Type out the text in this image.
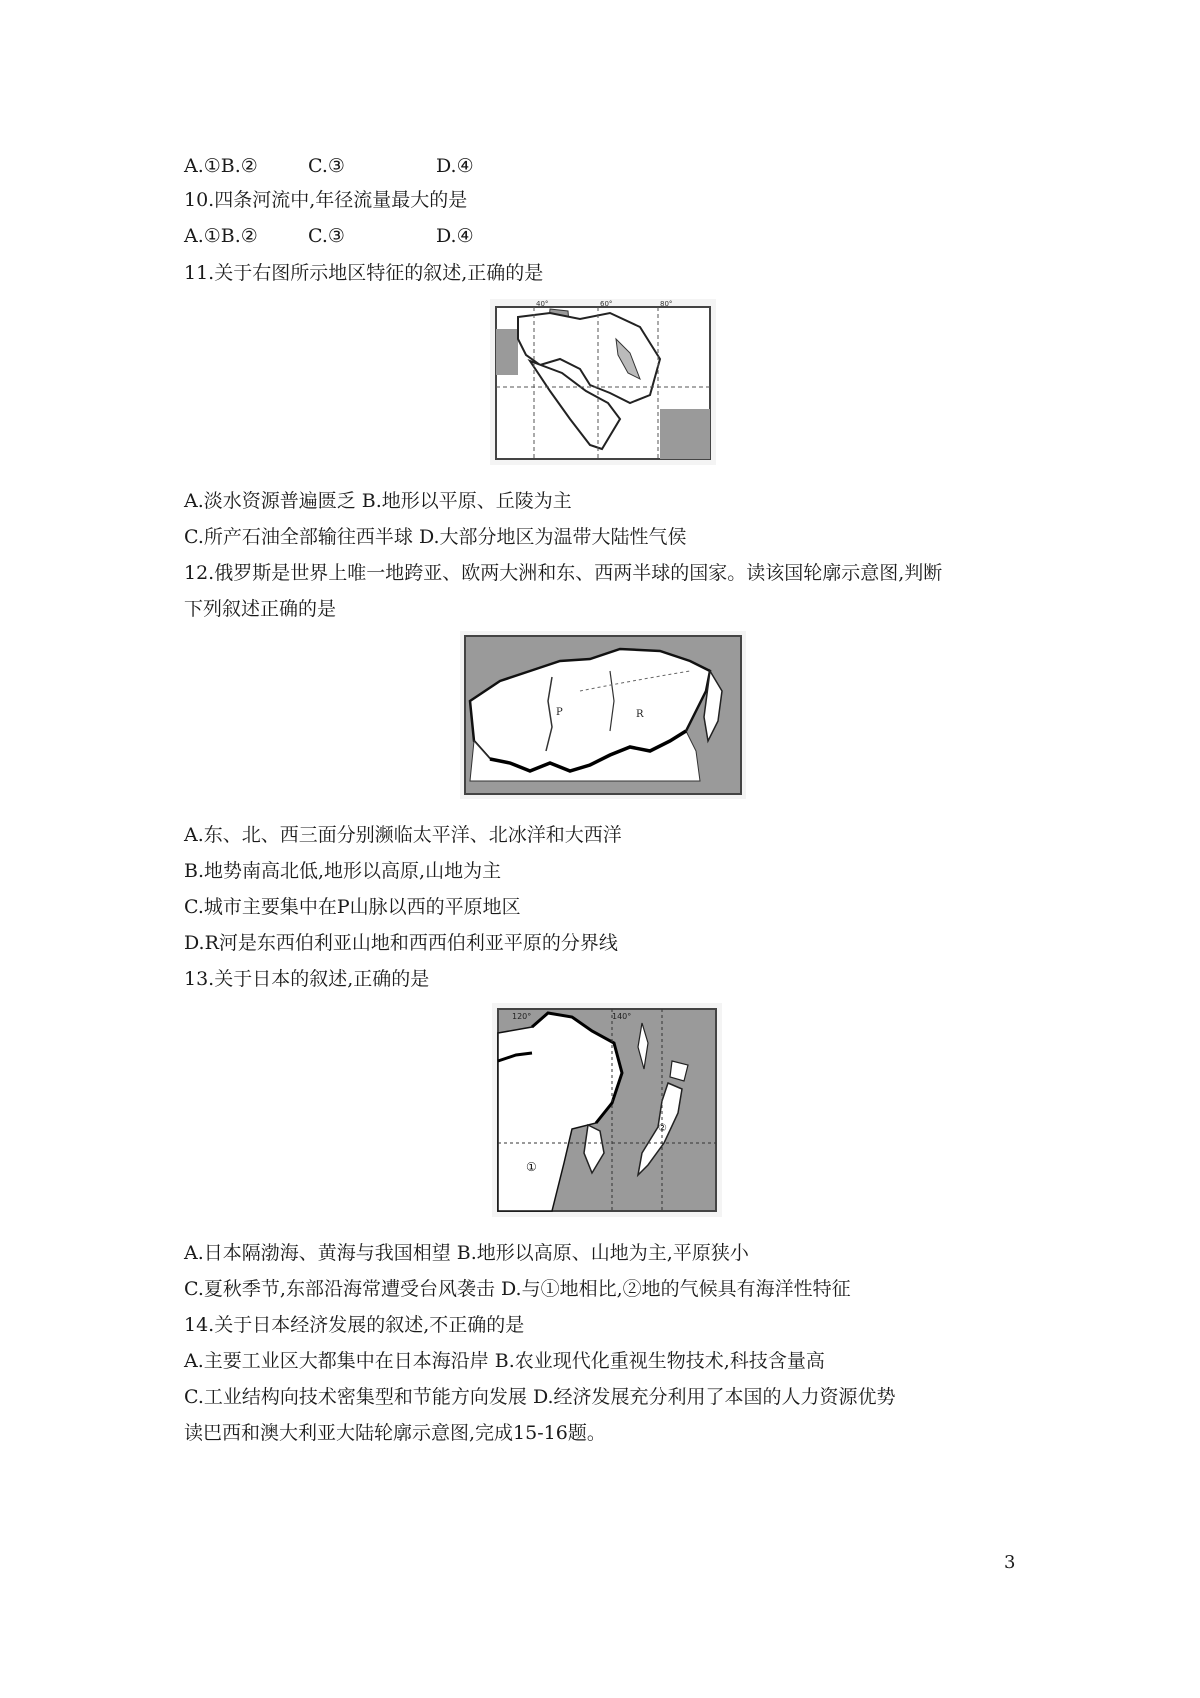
A.①B.②	C.③	D.④
10.四条河流中,年径流量最大的是
A.①B.②	C.③	D.④
11.关于右图所示地区特征的叙述,正确的是
40°	60°	80°
A.淡水资源普遍匮乏 B.地形以平原、丘陵为主
C.所产石油全部输往西半球 D.大部分地区为温带大陆性气侯
12.俄罗斯是世界上唯一地跨亚、欧两大洲和东、西两半球的国家。读该国轮廓示意图,判断
下列叙述正确的是
P	R
A.东、北、西三面分别濒临太平洋、北冰洋和大西洋
B.地势南高北低,地形以高原,山地为主
C.城市主要集中在P山脉以西的平原地区
D.R河是东西伯利亚山地和西西伯利亚平原的分界线
13.关于日本的叙述,正确的是
120°	140°
①
②
A.日本隔渤海、黄海与我国相望 B.地形以高原、山地为主,平原狭小
C.夏秋季节,东部沿海常遭受台风袭击 D.与①地相比,②地的气候具有海洋性特征
14.关于日本经济发展的叙述,不正确的是
A.主要工业区大都集中在日本海沿岸 B.农业现代化重视生物技术,科技含量高
C.工业结构向技术密集型和节能方向发展 D.经济发展充分利用了本国的人力资源优势
读巴西和澳大利亚大陆轮廓示意图,完成15-16题。
3
